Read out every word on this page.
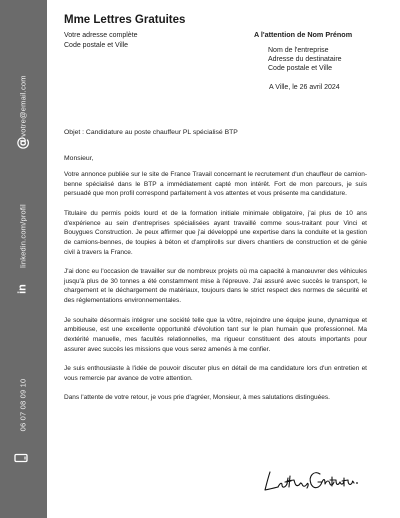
06 07 08 09 10
in
linkedin.com/profil
@
votre@email.com
Mme Lettres Gratuites
Votre adresse complète
Code postale et Ville
A l'attention de Nom Prénom
Nom de l'entreprise
Adresse du destinataire
Code postale et Ville
A Ville, le 26 avril 2024
Objet : Candidature au poste chauffeur PL spécialisé BTP
Monsieur,

Votre annonce publiée sur le site de France Travail concernant le recrutement d'un chauffeur de camion-benne spécialisé dans le BTP a immédiatement capté mon intérêt. Fort de mon parcours, je suis persuadé que mon profil correspond parfaitement à vos attentes et vous présente ma candidature.

Titulaire du permis poids lourd et de la formation initiale minimale obligatoire, j'ai plus de 10 ans d'expérience au sein d'entreprises spécialisées ayant travaillé comme sous-traitant pour Vinci et Bouygues Construction. Je peux affirmer que j'ai développé une expertise dans la conduite et la gestion de camions-bennes, de toupies à béton et d'amplirolls sur divers chantiers de construction et de génie civil à travers la France.

J'ai donc eu l'occasion de travailler sur de nombreux projets où ma capacité à manœuvrer des véhicules jusqu'à plus de 30 tonnes a été constamment mise à l'épreuve. J'ai assuré avec succès le transport, le chargement et le déchargement de matériaux, toujours dans le strict respect des normes de sécurité et des réglementations environnementales.

Je souhaite désormais intégrer une société telle que la vôtre, rejoindre une équipe jeune, dynamique et ambitieuse, est une excellente opportunité d'évolution tant sur le plan humain que professionnel. Ma dextérité manuelle, mes facultés relationnelles, ma rigueur constituent des atouts importants pour assurer avec succès les missions que vous serez amenés à me confier.

Je suis enthousiaste à l'idée de pouvoir discuter plus en détail de ma candidature lors d'un entretien et vous remercie par avance de votre attention.

Dans l'attente de votre retour, je vous prie d'agréer, Monsieur, à mes salutations distinguées.
